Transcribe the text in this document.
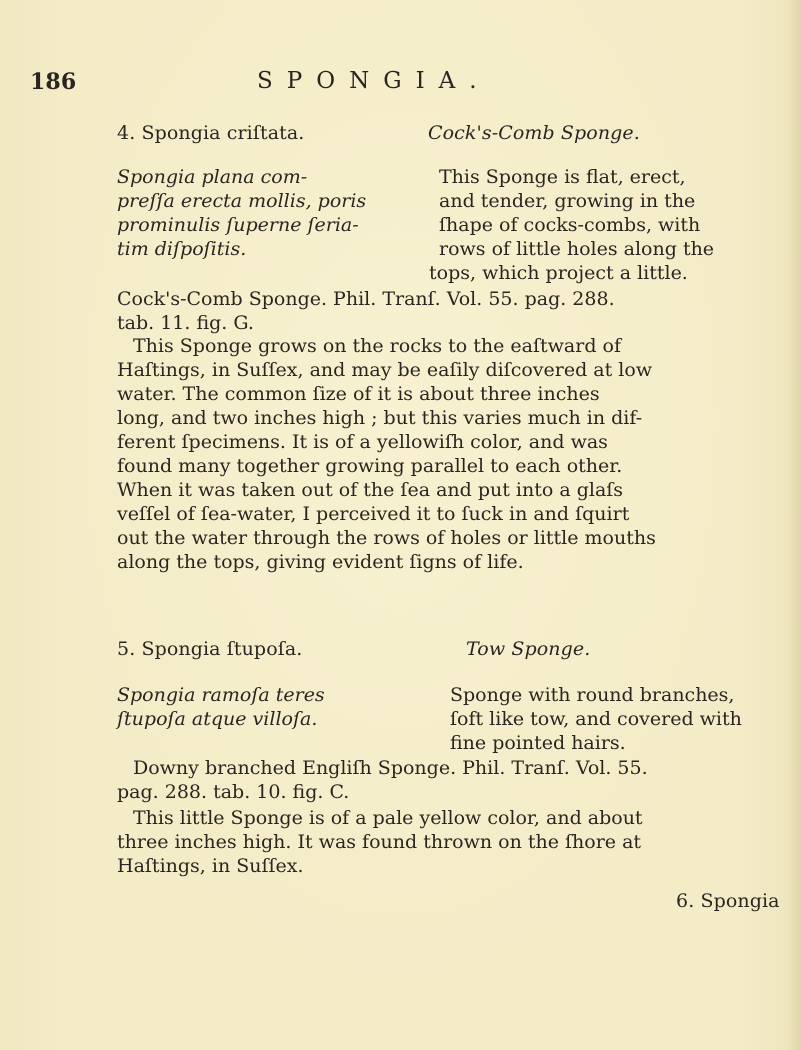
186	SPONGIA.
4. Spongia criſtata.	Cock's-Comb Sponge.
Spongia plana com-
preſſa erecta mollis, poris
prominulis ſuperne ſeria-
tim diſpoſitis.
This Sponge is flat, erect,
and tender, growing in the
ſhape of cocks-combs, with
rows of little holes along the
tops, which project a little.
Cock's-Comb Sponge. Phil. Tranſ. Vol. 55. pag. 288.
tab. 11. fig. G.
This Sponge grows on the rocks to the eaſtward of
Haſtings, in Suſſex, and may be eaſily diſcovered at low
water. The common ſize of it is about three inches
long, and two inches high ; but this varies much in dif-
ferent ſpecimens. It is of a yellowiſh color, and was
found many together growing parallel to each other.
When it was taken out of the ſea and put into a glaſs
veſſel of ſea-water, I perceived it to ſuck in and ſquirt
out the water through the rows of holes or little mouths
along the tops, giving evident ſigns of life.
5. Spongia ſtupoſa.	Tow Sponge.
Spongia ramoſa teres
ſtupoſa atque villoſa.
Sponge with round branches,
ſoft like tow, and covered with
fine pointed hairs.
Downy branched Engliſh Sponge. Phil. Tranſ. Vol. 55.
pag. 288. tab. 10. fig. C.
This little Sponge is of a pale yellow color, and about
three inches high. It was found thrown on the ſhore at
Haſtings, in Suſſex.
6. Spongia
